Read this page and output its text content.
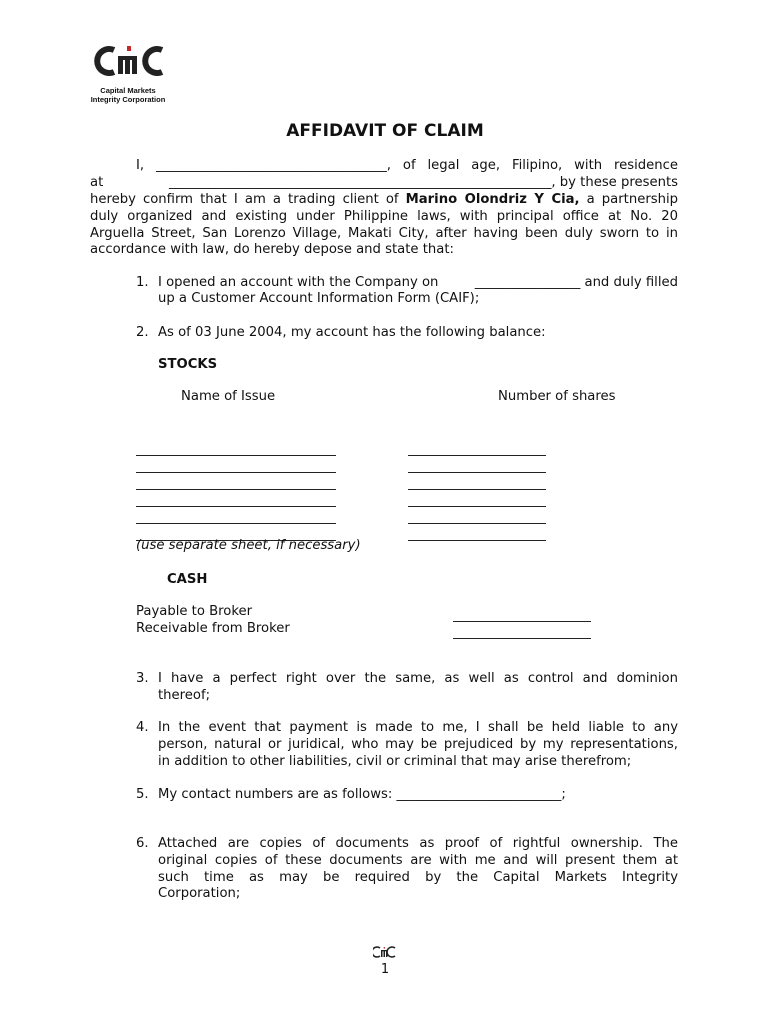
Capital Markets
Integrity Corporation
AFFIDAVIT OF CLAIM
I, ___________________________________, of legal age, Filipino, with residence
at	__________________________________________________________, by these presents
hereby confirm that I am a trading client of Marino Olondriz Y Cia, a partnership
duly organized and existing under Philippine laws, with principal office at No. 20
Arguella Street, San Lorenzo Village, Makati City, after having been duly sworn to in
accordance with law, do hereby depose and state that:
1. I opened an account with the Company on	________________ and duly filled
up a Customer Account Information Form (CAIF);
2. As of 03 June 2004, my account has the following balance:
STOCKS
Name of Issue	Number of shares
(use separate sheet, if necessary)
CASH
Payable to Broker
Receivable from Broker
3. I have a perfect right over the same, as well as control and dominion
thereof;
4. In the event that payment is made to me, I shall be held liable to any
person, natural or juridical, who may be prejudiced by my representations,
in addition to other liabilities, civil or criminal that may arise therefrom;
5. My contact numbers are as follows: _________________________;
6. Attached are copies of documents as proof of rightful ownership. The
original copies of these documents are with me and will present them at
such time as may be required by the Capital Markets Integrity
Corporation;
1
